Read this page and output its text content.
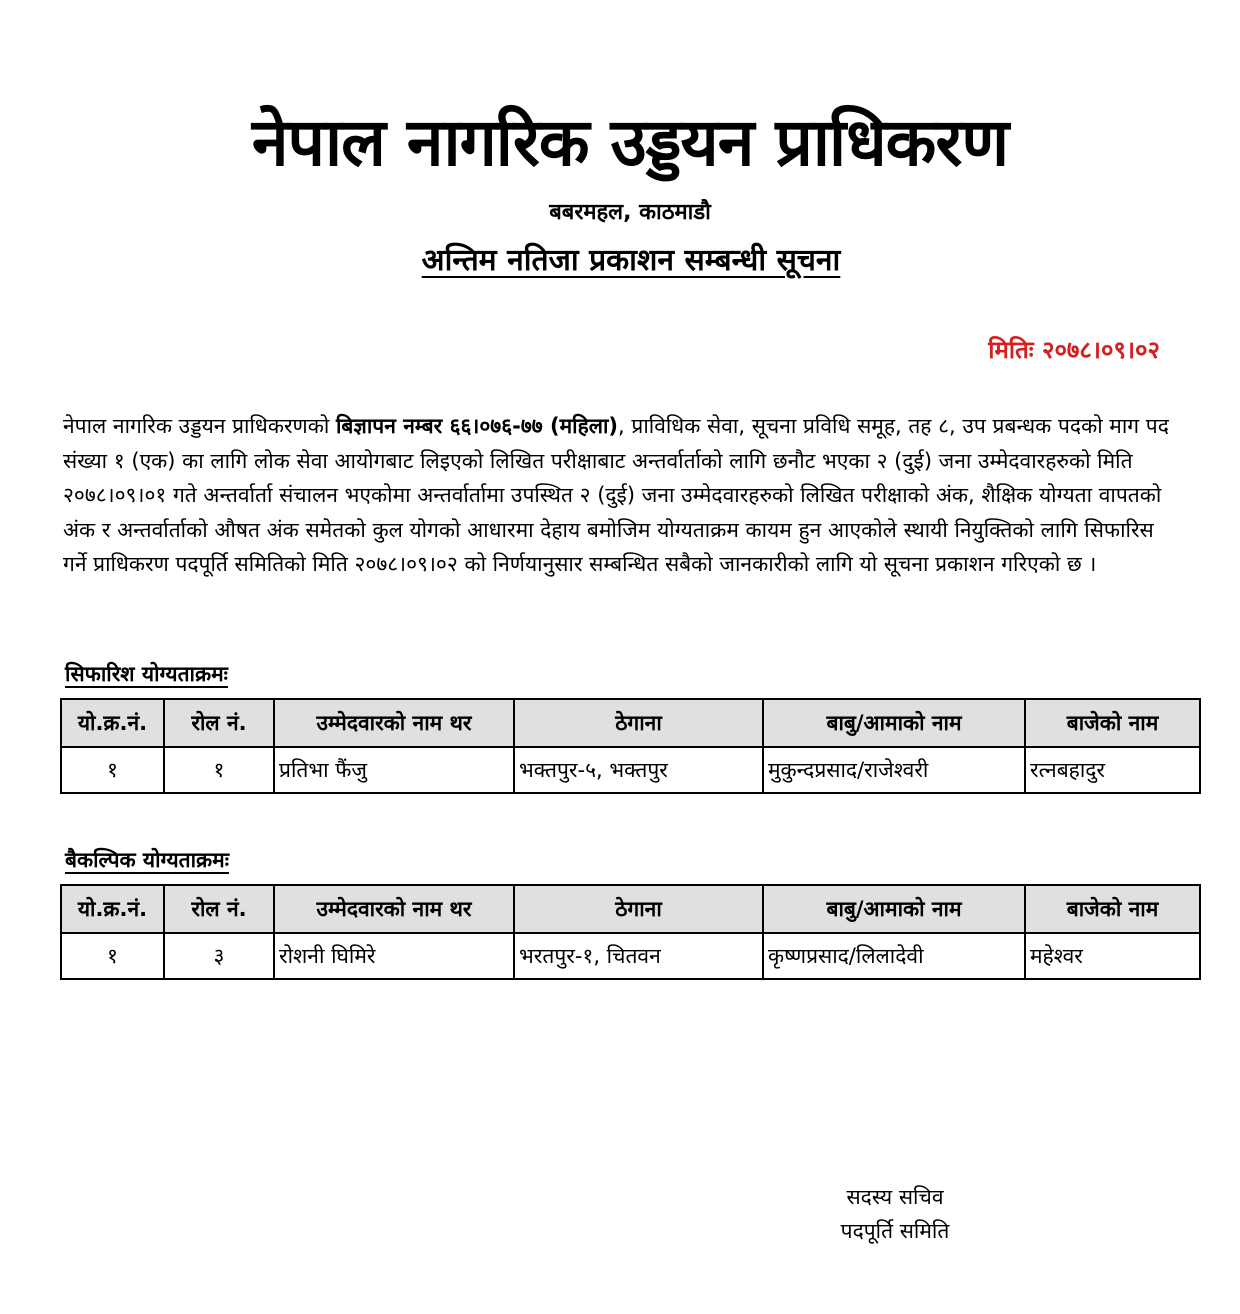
नेपाल नागरिक उड्डयन प्राधिकरण
बबरमहल, काठमाडौ
अन्तिम नतिजा प्रकाशन सम्बन्धी सूचना
मितिः २०७८।०९।०२
नेपाल नागरिक उड्डयन प्राधिकरणको बिज्ञापन नम्बर ६६।०७६-७७ (महिला), प्राविधिक सेवा, सूचना प्रविधि समूह, तह ८, उप प्रबन्धक पदको माग पद संख्या १ (एक) का लागि लोक सेवा आयोगबाट लिइएको लिखित परीक्षाबाट अन्तर्वार्ताको लागि छनौट भएका २ (दुई) जना उम्मेदवारहरुको मिति २०७८।०९।०१ गते अन्तर्वार्ता संचालन भएकोमा अन्तर्वार्तामा उपस्थित २ (दुई) जना उम्मेदवारहरुको लिखित परीक्षाको अंक, शैक्षिक योग्यता वापतको अंक र अन्तर्वार्ताको औषत अंक समेतको कुल योगको आधारमा देहाय बमोजिम योग्यताक्रम कायम हुन आएकोले स्थायी नियुक्तिको लागि सिफारिस गर्ने प्राधिकरण पदपूर्ति समितिको मिति २०७८।०९।०२ को निर्णयानुसार सम्बन्धित सबैको जानकारीको लागि यो सूचना प्रकाशन गरिएको छ ।
सिफारिश योग्यताक्रमः
यो.क्र.नं.	रोल नं.	उम्मेदवारको नाम थर	ठेगाना	बाबु/आमाको नाम	बाजेको नाम
१	१	प्रतिभा फैंजु	भक्तपुर-५, भक्तपुर	मुकुन्दप्रसाद/राजेश्वरी	रत्नबहादुर
बैकल्पिक योग्यताक्रमः
यो.क्र.नं.	रोल नं.	उम्मेदवारको नाम थर	ठेगाना	बाबु/आमाको नाम	बाजेको नाम
१	३	रोशनी घिमिरे	भरतपुर-१, चितवन	कृष्णप्रसाद/लिलादेवी	महेश्वर
सदस्य सचिव
पदपूर्ति समिति
